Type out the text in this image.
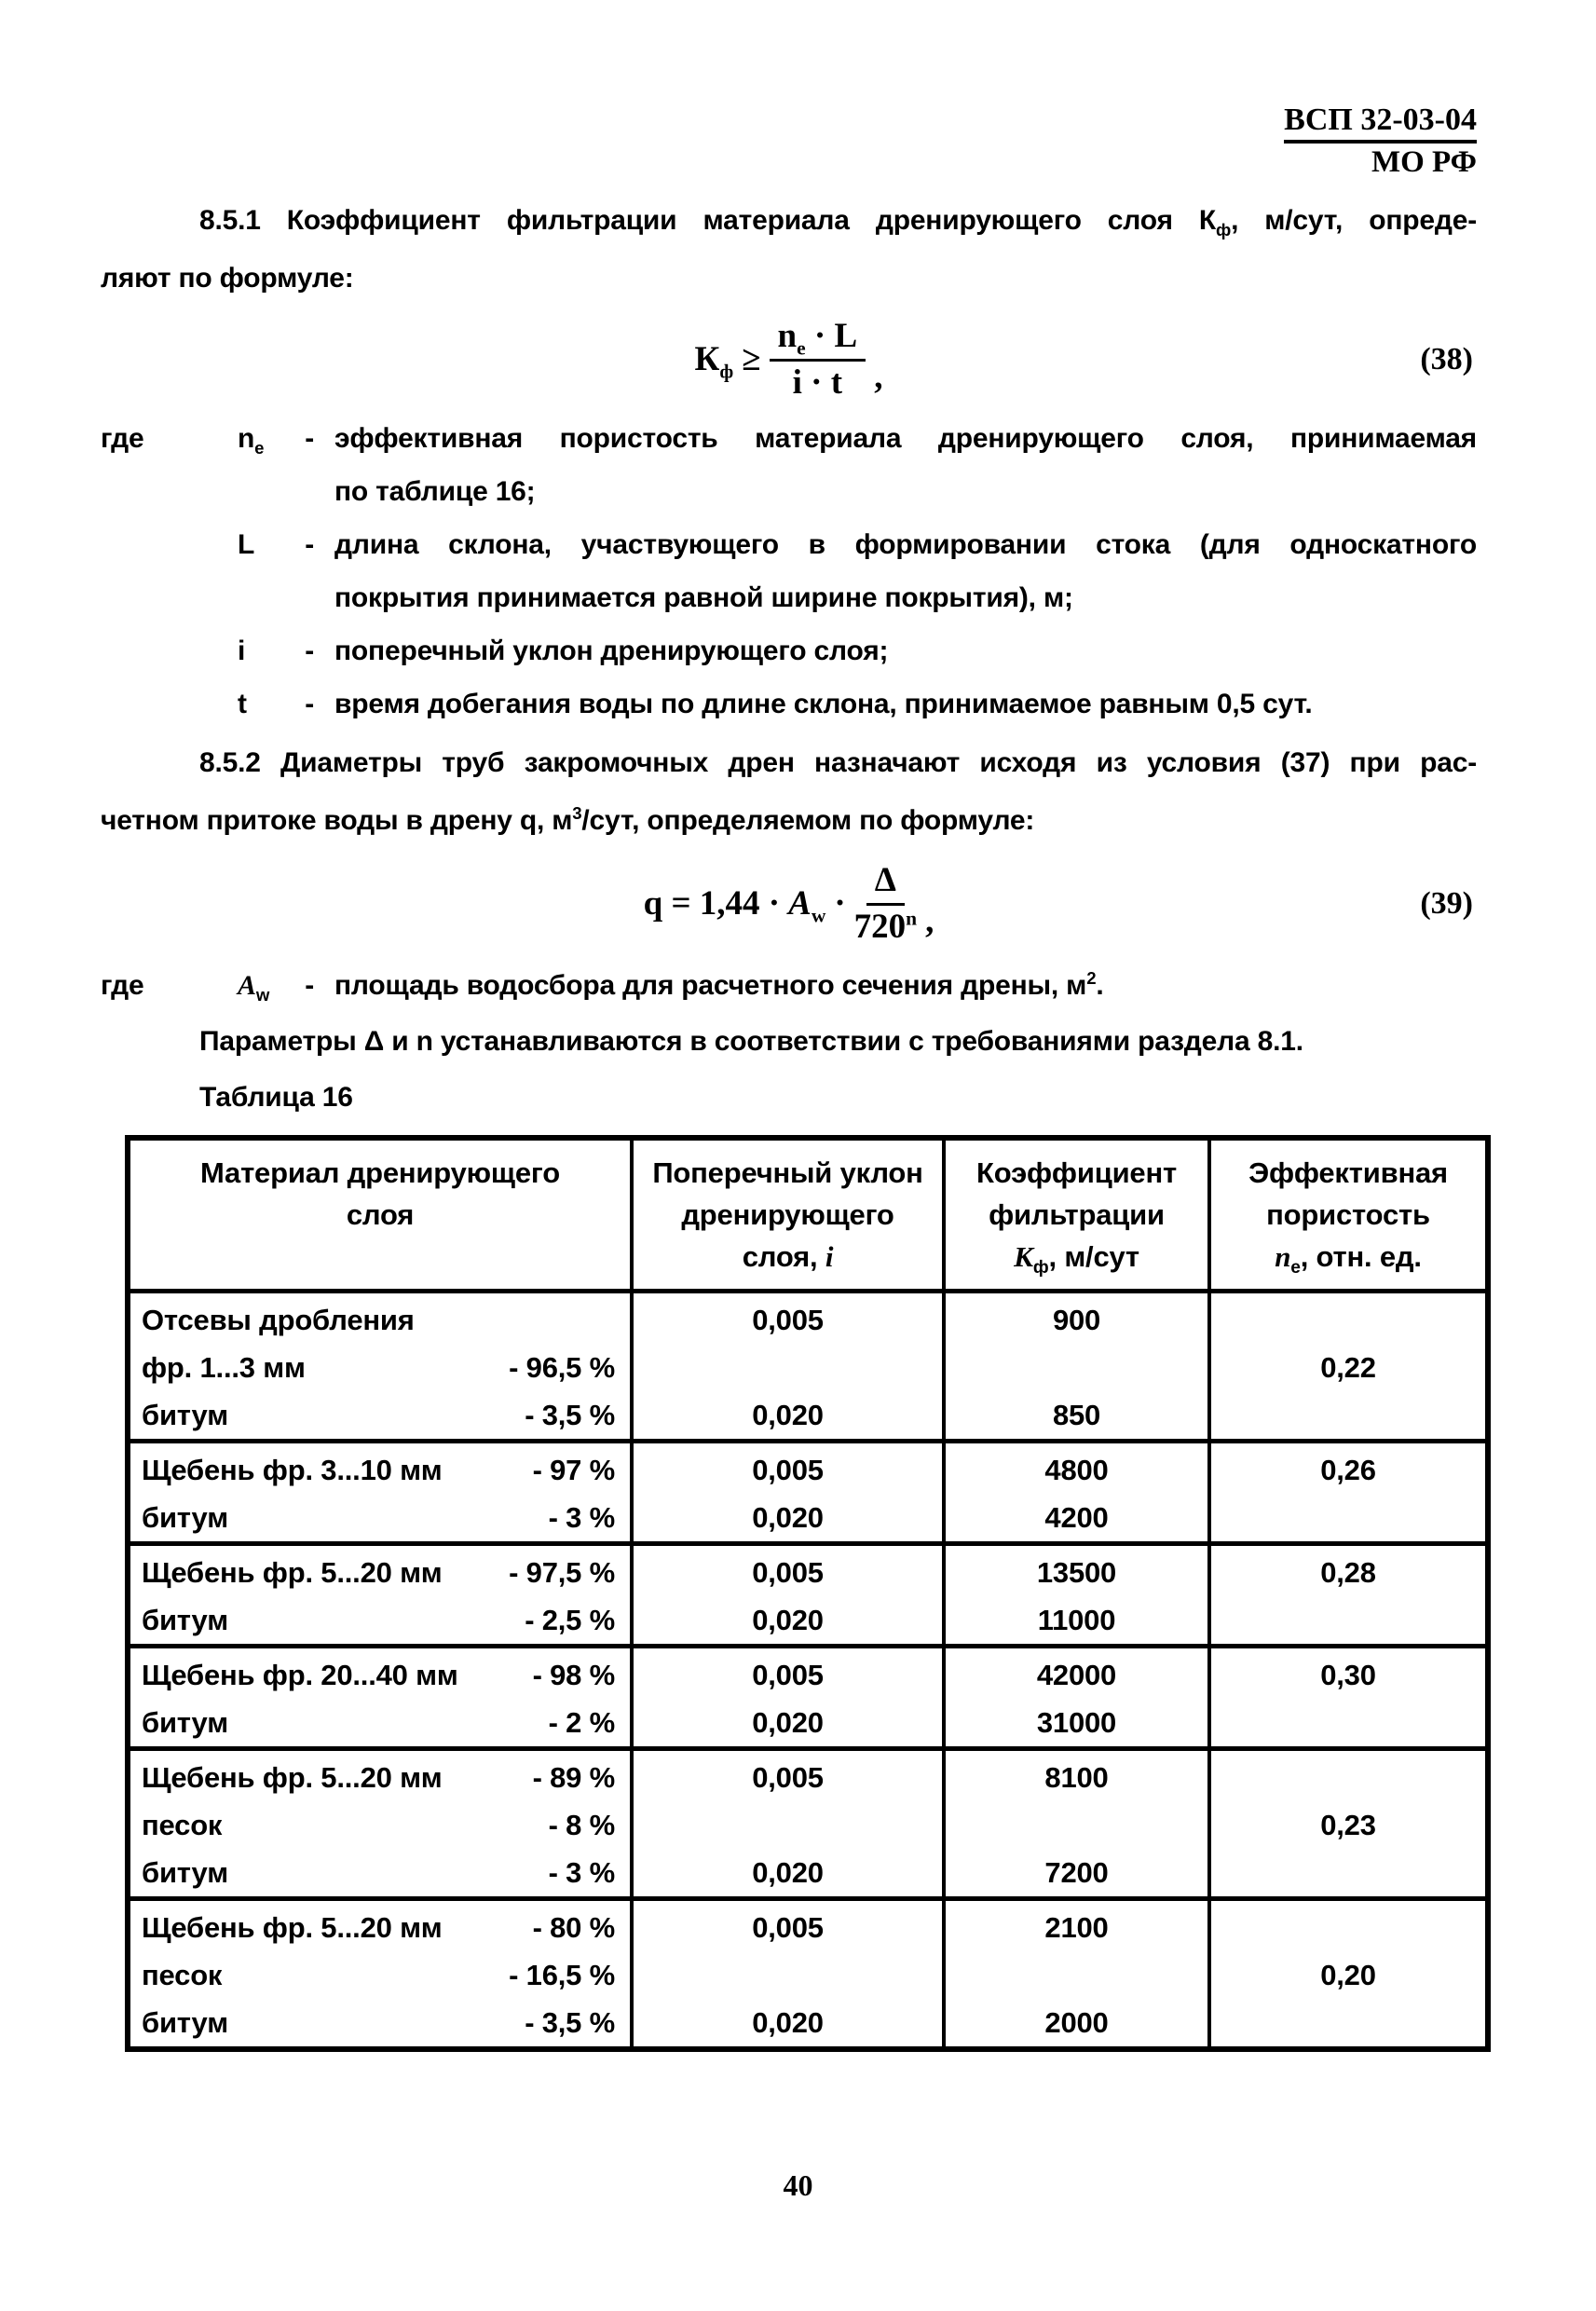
ВСП 32-03-04
МО РФ
8.5.1 Коэффициент фильтрации материала дренирующего слоя $К_ф$, м/сут, опреде-
ляют по формуле:
$К_ф \ge \frac{n_е \cdot L}{i \cdot t}$ ,	(38)
где	$n_е$ - эффективная пористость материала дренирующего слоя, принимаемая
по таблице 16;
L - длина склона, участвующего в формировании стока (для односкатного
покрытия принимается равной ширине покрытия), м;
i - поперечный уклон дренирующего слоя;
t - время добегания воды по длине склона, принимаемое равным 0,5 сут.
8.5.2 Диаметры труб закромочных дрен назначают исходя из условия (37) при рас-
четном притоке воды в дрену q, $м^3$/сут, определяемом по формуле:
$q = 1,44 \cdot А_w \cdot \frac{\Delta}{720^n}$ ,	(39)
где	$А_w$ - площадь водосбора для расчетного сечения дрены, $м^2$.
Параметры Δ и n устанавливаются в соответствии с требованиями раздела 8.1.
Таблица 16
Материал дренирующего
слоя	Поперечный уклон
дренирующего
слоя, i	Коэффициент
фильтрации
$К_ф$, м/сут	Эффективная
пористость
$n_е$, отн. ед.

Отсевы дробления	0,005	900	

фр. 1...3 мм - 96,5 %			0,22

битум - 3,5 %	0,020	850	

Щебень фр. 3...10 мм - 97 %	0,005	4800	0,26

битум - 3 %	0,020	4200	

Щебень фр. 5...20 мм - 97,5 %	0,005	13500	0,28

битум - 2,5 %	0,020	11000	

Щебень фр. 20...40 мм - 98 %	0,005	42000	0,30

битум - 2 %	0,020	31000	

Щебень фр. 5...20 мм - 89 %	0,005	8100	

песок - 8 %			0,23

битум - 3 %	0,020	7200	

Щебень фр. 5...20 мм - 80 %	0,005	2100	

песок - 16,5 %			0,20

битум - 3,5 %	0,020	2000	
40
